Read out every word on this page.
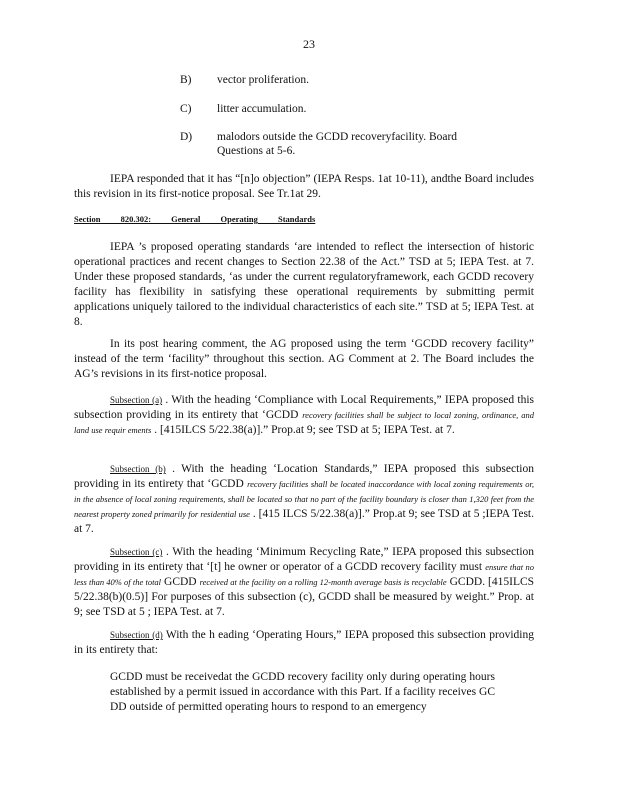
23
B) vector proliferation.
C) litter accumulation.
D) malodors outside the GCDD recoveryfacility. Board Questions at 5-6.

IEPA responded that it has “[n]o objection” (IEPA Resps. 1at 10-11), andthe Board includes this revision in its first-notice proposal. See Tr.1at 29.

Section 820.302: General Operating Standards

IEPA ’s proposed operating standards ‘are intended to reflect the intersection of historic operational practices and recent changes to Section 22.38 of the Act.” TSD at 5; IEPA Test. at 7. Under these proposed standards, ‘as under the current regulatoryframework, each GCDD recovery facility has flexibility in satisfying these operational requirements by submitting permit applications uniquely tailored to the individual characteristics of each site.” TSD at 5; IEPA Test. at 8.

In its post hearing comment, the AG proposed using the term ‘GCDD recovery facility” instead of the term ‘facility” throughout this section. AG Comment at 2. The Board includes the AG’s revisions in its first-notice proposal.

Subsection (a) . With the heading ‘Compliance with Local Requirements,” IEPA proposed this subsection providing in its entirety that ‘GCDD recovery facilities shall be subject to local zoning, ordinance, and land use requir ements . [415ILCS 5/22.38(a)].” Prop.at 9; see TSD at 5; IEPA Test. at 7.

Subsection (b) . With the heading ‘Location Standards,” IEPA proposed this subsection providing in its entirety that ‘GCDD recovery facilities shall be located inaccordance with local zoning requirements or, in the absence of local zoning requirements, shall be located so that no part of the facility boundary is closer than 1,320 feet from the nearest property zoned primarily for residential use . [415 ILCS 5/22.38(a)].” Prop.at 9; see TSD at 5 ;IEPA Test. at 7.

Subsection (c) . With the heading ‘Minimum Recycling Rate,” IEPA proposed this subsection providing in its entirety that ‘[t] he owner or operator of a GCDD recovery facility must ensure that no less than 40% of the total GCDD received at the facility on a rolling 12-month average basis is recyclable GCDD. [415ILCS 5/22.38(b)(0.5)] For purposes of this subsection (c), GCDD shall be measured by weight.” Prop. at 9; see TSD at 5 ; IEPA Test. at 7.

Subsection (d) With the h eading ‘Operating Hours,” IEPA proposed this subsection providing in its entirety that:

GCDD must be receivedat the GCDD recovery facility only during operating hours established by a permit issued in accordance with this Part. If a facility receives GC DD outside of permitted operating hours to respond to an emergency
